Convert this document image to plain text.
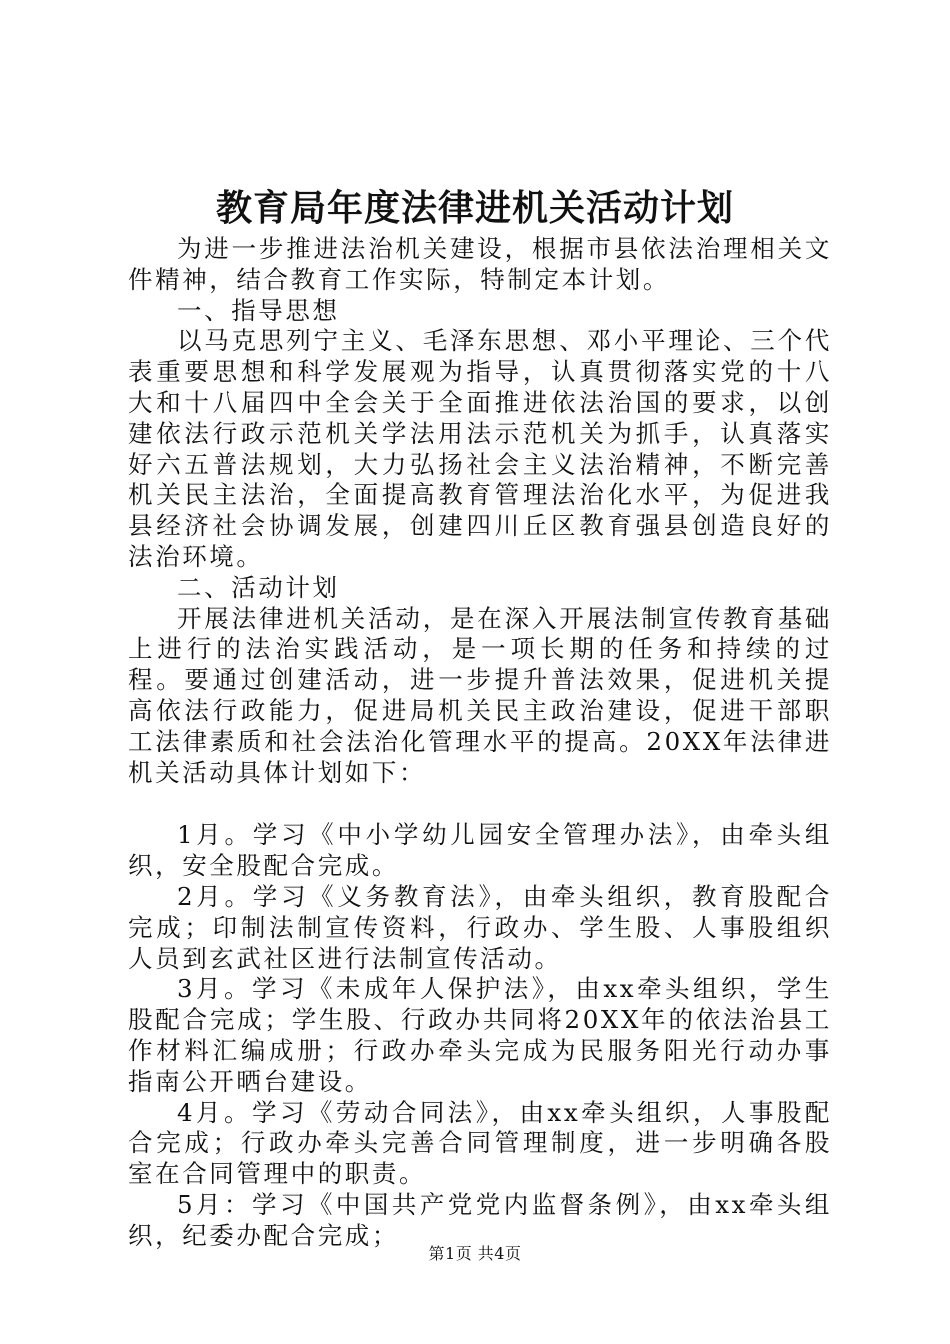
教育局年度法律进机关活动计划

为进一步推进法治机关建设，根据市县依法治理相关文件精神，结合教育工作实际，特制定本计划。

一、指导思想

以马克思列宁主义、毛泽东思想、邓小平理论、三个代表重要思想和科学发展观为指导，认真贯彻落实党的十八大和十八届四中全会关于全面推进依法治国的要求，以创建依法行政示范机关学法用法示范机关为抓手，认真落实好六五普法规划，大力弘扬社会主义法治精神，不断完善机关民主法治，全面提高教育管理法治化水平，为促进我县经济社会协调发展，创建四川丘区教育强县创造良好的法治环境。

二、活动计划

开展法律进机关活动，是在深入开展法制宣传教育基础上进行的法治实践活动，是一项长期的任务和持续的过程。要通过创建活动，进一步提升普法效果，促进机关提高依法行政能力，促进局机关民主政治建设，促进干部职工法律素质和社会法治化管理水平的提高。20XX年法律进机关活动具体计划如下：

1月。学习《中小学幼儿园安全管理办法》，由牵头组织，安全股配合完成。

2月。学习《义务教育法》，由牵头组织，教育股配合完成；印制法制宣传资料，行政办、学生股、人事股组织人员到玄武社区进行法制宣传活动。

3月。学习《未成年人保护法》，由xx牵头组织，学生股配合完成；学生股、行政办共同将20XX年的依法治县工作材料汇编成册；行政办牵头完成为民服务阳光行动办事指南公开晒台建设。

4月。学习《劳动合同法》，由xx牵头组织，人事股配合完成；行政办牵头完善合同管理制度，进一步明确各股室在合同管理中的职责。

5月：学习《中国共产党党内监督条例》，由xx牵头组织，纪委办配合完成；

第1页 共4页
